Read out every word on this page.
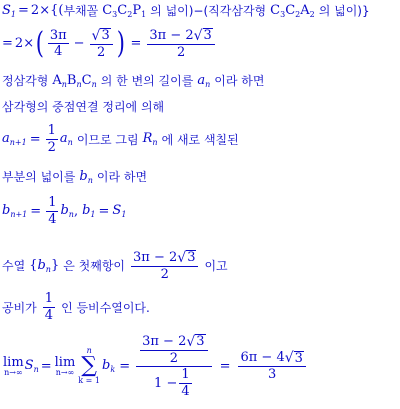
$S_1 = 2$ × {( 부채꼴 $C_3C_2P_1$ 의 넓이)−(직각삼각형 $C_3C_2A_2$ 의 넓이)}
= 2 × ( $\frac{3\pi}{4} - \frac{√ 3}{2}$ ) = $\frac{3\pi - 2 √ 3}{2}$
정삼각형 $A_nB_nC_n$ 의 한 변의 길이를 $a_n$ 이라 하면
삼각형의 중점연결 정리에 의해
$a_{n+1} = \frac{1}{2} a_n$ 이므로 그림 $R_n$ 에 새로 색칠된
부분의 넓이를 $b_n$ 이라 하면
$b_{n+1} = \frac{1}{4} b_n$ , $b_1 = S_1$
수열 { $b_n$ } 은 첫째항이 $\frac{3\pi - 2 √ 3}{2}$ 이고
공비가 $\frac{1}{4}$ 인 등비수열이다.
lim
n→∞ $S_n = \lim$
n→∞
n
∑
k = 1
$b_k = \frac{\frac{3\pi - 2 √ 3}{2}}{1 - \frac{1}{4}} = \frac{6\pi - 4 √ 3}{3}$
